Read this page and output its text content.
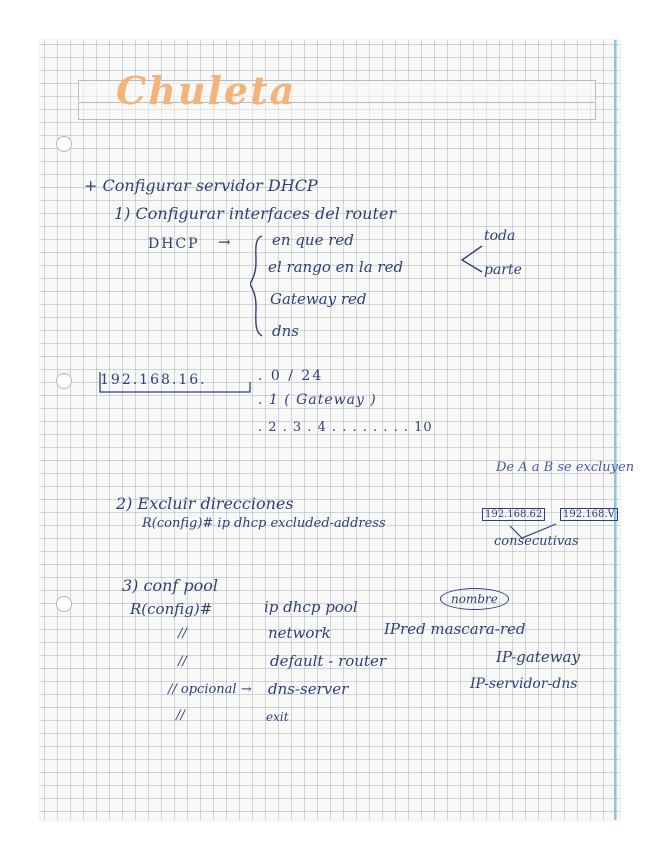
Chuleta
+ Configurar servidor DHCP
1) Configurar interfaces del router
DHCP →	en que red
el rango en la red
Gateway red
dns
toda
parte
192.168.16.	. 0 / 24
. 1 ( Gateway )
. 2 . 3 . 4 . . . . . . . . 10
De A a B se excluyen
2) Excluir direcciones
R(config)# ip dhcp excluded-address
192.168.62	192.168.V
consecutivas
3) conf pool
R(config)#	ip dhcp pool	nombre
//	network	IPred mascara-red
//	default - router	IP-gateway
// opcional → dns-server	IP-servidor-dns
//	exit
